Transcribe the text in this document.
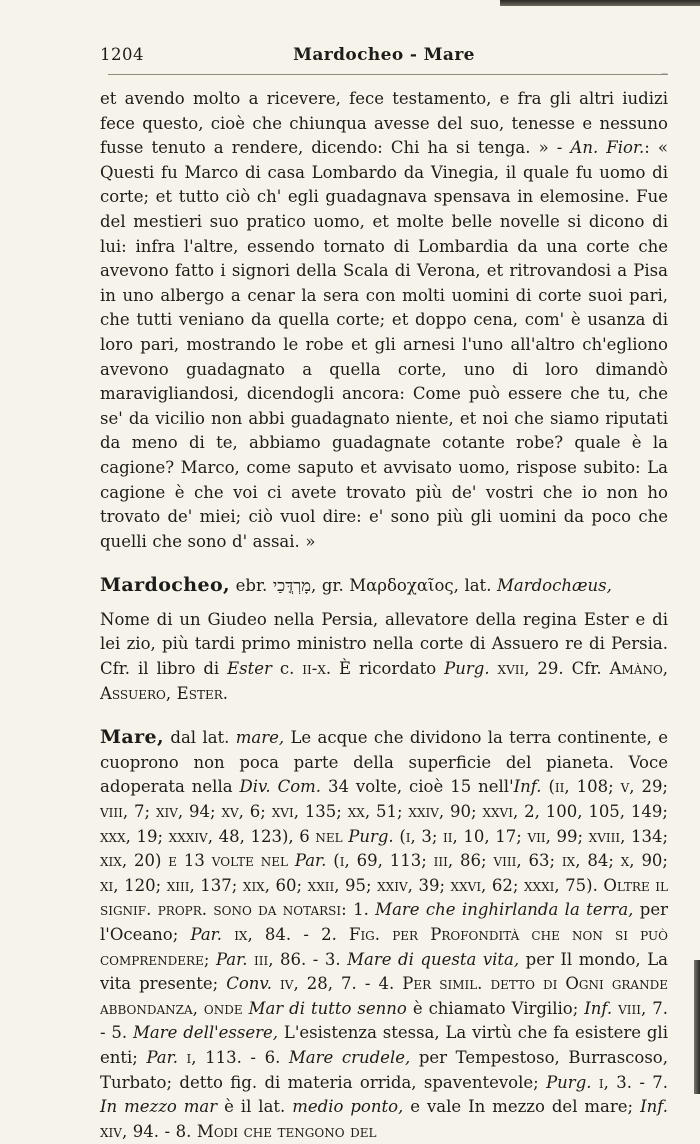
1204	Mardocheo - Mare
–

et avendo molto a ricevere, fece testamento, e fra gli altri iudizi fece questo, cioè che chiunqua avesse del suo, tenesse e nessuno fusse tenuto a rendere, dicendo: Chi ha si tenga. » - An. Fior.: « Questi fu Marco di casa Lombardo da Vinegia, il quale fu uomo di corte; et tutto ciò ch' egli guadagnava spensava in elemosine. Fue del mestieri suo pratico uomo, et molte belle novelle si dicono di lui: infra l'altre, essendo tornato di Lombardia da una corte che avevono fatto i signori della Scala di Verona, et ritrovandosi a Pisa in uno albergo a cenar la sera con molti uomini di corte suoi pari, che tutti veniano da quella corte; et doppo cena, com' è usanza di loro pari, mostrando le robe et gli arnesi l'uno all'altro ch'egliono avevono guadagnato a quella corte, uno di loro dimandò maravigliandosi, dicendogli ancora: Come può essere che tu, che se' da vicilio non abbi guadagnato niente, et noi che siamo riputati da meno di te, abbiamo guadagnate cotante robe? quale è la cagione? Marco, come saputo et avvisato uomo, rispose subito: La cagione è che voi ci avete trovato più de' vostri che io non ho trovato de' miei; ciò vuol dire: e' sono più gli uomini da poco che quelli che sono d' assai. »

Mardocheo, ebr. מָרְדֳּכַי, gr. Μαρδοχαῖος, lat. Mardochæus,

Nome di un Giudeo nella Persia, allevatore della regina Ester e di lei zio, più tardi primo ministro nella corte di Assuero re di Persia. Cfr. il libro di Ester c. ii-x. È ricordato Purg. xvii, 29. Cfr. Amàno, Assuero, Ester.

Mare, dal lat. mare, Le acque che dividono la terra continente, e cuoprono non poca parte della superficie del pianeta. Voce adoperata nella Div. Com. 34 volte, cioè 15 nell'Inf. (ii, 108; v, 29; viii, 7; xiv, 94; xv, 6; xvi, 135; xx, 51; xxiv, 90; xxvi, 2, 100, 105, 149; xxx, 19; xxxiv, 48, 123), 6 nel Purg. (i, 3; ii, 10, 17; vii, 99; xviii, 134; xix, 20) e 13 volte nel Par. (i, 69, 113; iii, 86; viii, 63; ix, 84; x, 90; xi, 120; xiii, 137; xix, 60; xxii, 95; xxiv, 39; xxvi, 62; xxxi, 75). Oltre il signif. propr. sono da notarsi: 1. Mare che inghirlanda la terra, per l'Oceano; Par. ix, 84. - 2. Fig. per Profondità che non si può comprendere; Par. iii, 86. - 3. Mare di questa vita, per Il mondo, La vita presente; Conv. iv, 28, 7. - 4. Per simil. detto di Ogni grande abbondanza, onde Mar di tutto senno è chiamato Virgilio; Inf. viii, 7. - 5. Mare dell'essere, L'esistenza stessa, La virtù che fa esistere gli enti; Par. i, 113. - 6. Mare crudele, per Tempestoso, Burrascoso, Turbato; detto fig. di materia orrida, spaventevole; Purg. i, 3. - 7. In mezzo mar è il lat. medio ponto, e vale In mezzo del mare; Inf. xiv, 94. - 8. Modi che tengono del
